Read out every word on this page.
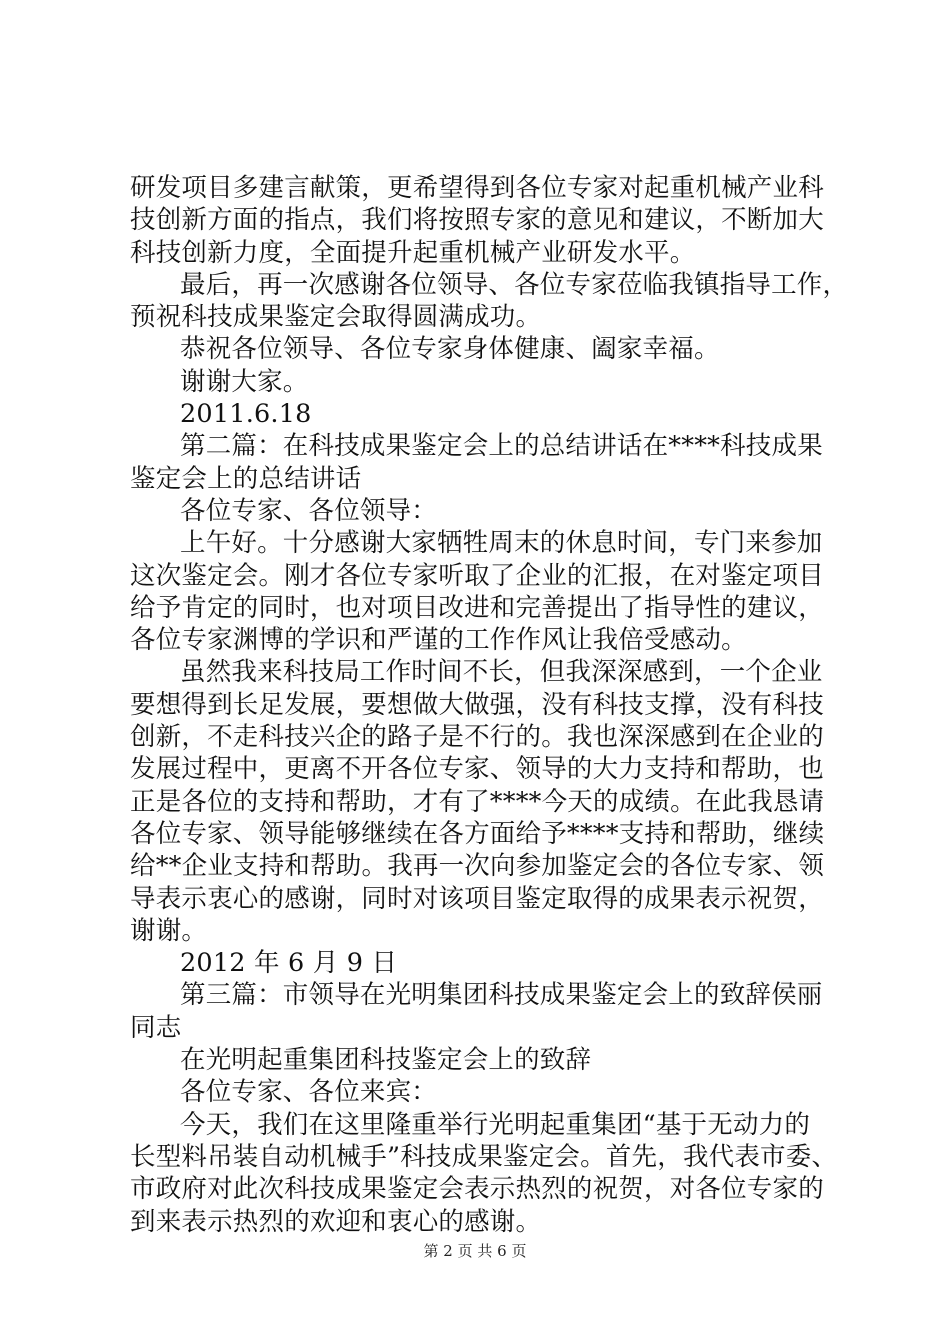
研发项目多建言献策，更希望得到各位专家对起重机械产业科
技创新方面的指点，我们将按照专家的意见和建议，不断加大
科技创新力度，全面提升起重机械产业研发水平。
最后，再一次感谢各位领导、各位专家莅临我镇指导工作，
预祝科技成果鉴定会取得圆满成功。
恭祝各位领导、各位专家身体健康、阖家幸福。
谢谢大家。
2011.6.18
第二篇：在科技成果鉴定会上的总结讲话在****科技成果
鉴定会上的总结讲话
各位专家、各位领导：
上午好。十分感谢大家牺牲周末的休息时间，专门来参加
这次鉴定会。刚才各位专家听取了企业的汇报，在对鉴定项目
给予肯定的同时，也对项目改进和完善提出了指导性的建议，
各位专家渊博的学识和严谨的工作作风让我倍受感动。
虽然我来科技局工作时间不长，但我深深感到，一个企业
要想得到长足发展，要想做大做强，没有科技支撑，没有科技
创新，不走科技兴企的路子是不行的。我也深深感到在企业的
发展过程中，更离不开各位专家、领导的大力支持和帮助，也
正是各位的支持和帮助，才有了****今天的成绩。在此我恳请
各位专家、领导能够继续在各方面给予****支持和帮助，继续
给**企业支持和帮助。我再一次向参加鉴定会的各位专家、领
导表示衷心的感谢，同时对该项目鉴定取得的成果表示祝贺，
谢谢。
2012 年 6 月 9 日
第三篇：市领导在光明集团科技成果鉴定会上的致辞侯丽
同志
在光明起重集团科技鉴定会上的致辞
各位专家、各位来宾：
今天，我们在这里隆重举行光明起重集团“基于无动力的
长型料吊装自动机械手”科技成果鉴定会。首先，我代表市委、
市政府对此次科技成果鉴定会表示热烈的祝贺，对各位专家的
到来表示热烈的欢迎和衷心的感谢。
第 2 页 共 6 页
